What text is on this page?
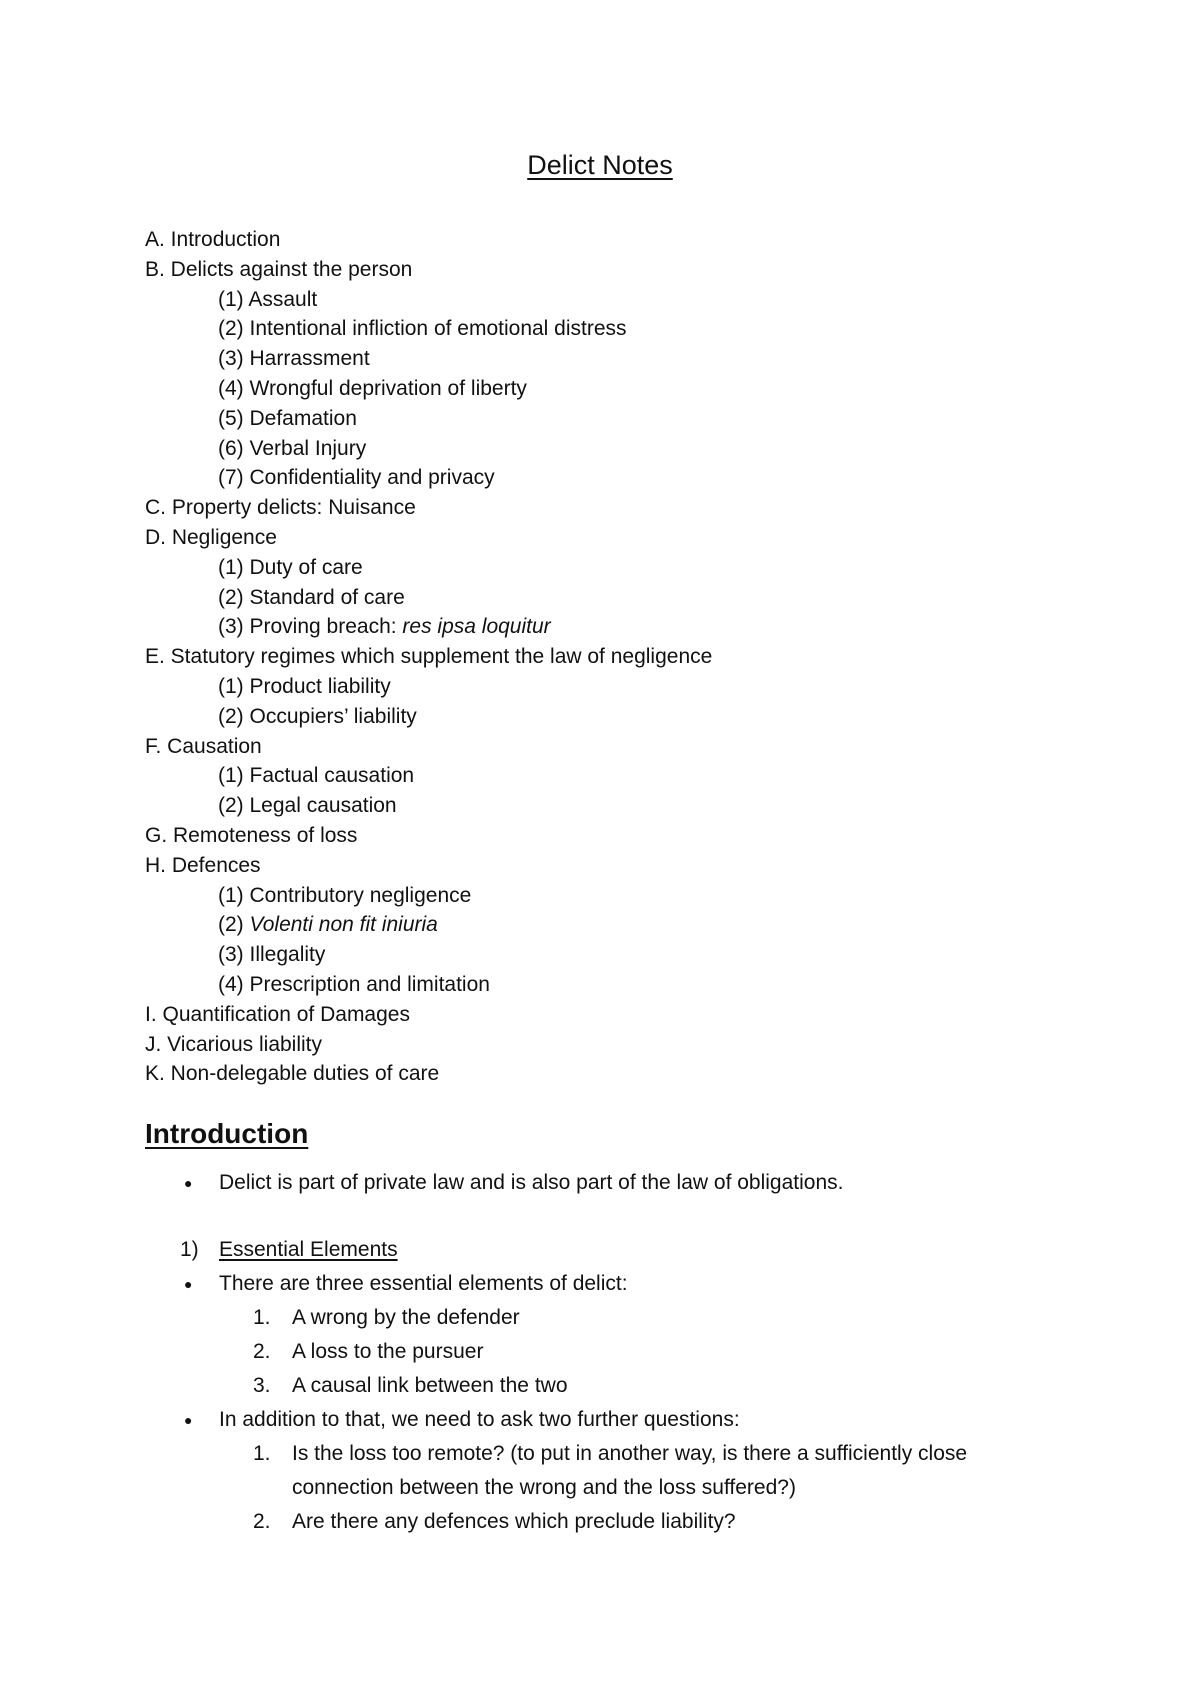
Delict Notes
A. Introduction
B. Delicts against the person
(1) Assault
(2) Intentional infliction of emotional distress
(3) Harrassment
(4) Wrongful deprivation of liberty
(5) Defamation
(6) Verbal Injury
(7) Confidentiality and privacy
C. Property delicts: Nuisance
D. Negligence
(1) Duty of care
(2) Standard of care
(3) Proving breach: res ipsa loquitur
E. Statutory regimes which supplement the law of negligence
(1) Product liability
(2) Occupiers’ liability
F. Causation
(1) Factual causation
(2) Legal causation
G. Remoteness of loss
H. Defences
(1) Contributory negligence
(2) Volenti non fit iniuria
(3) Illegality
(4) Prescription and limitation
I. Quantification of Damages
J. Vicarious liability
K. Non-delegable duties of care
Introduction
● Delict is part of private law and is also part of the law of obligations.
1) Essential Elements
● There are three essential elements of delict:
1. A wrong by the defender
2. A loss to the pursuer
3. A causal link between the two
● In addition to that, we need to ask two further questions:
1. Is the loss too remote? (to put in another way, is there a sufficiently close
connection between the wrong and the loss suffered?)
2. Are there any defences which preclude liability?
